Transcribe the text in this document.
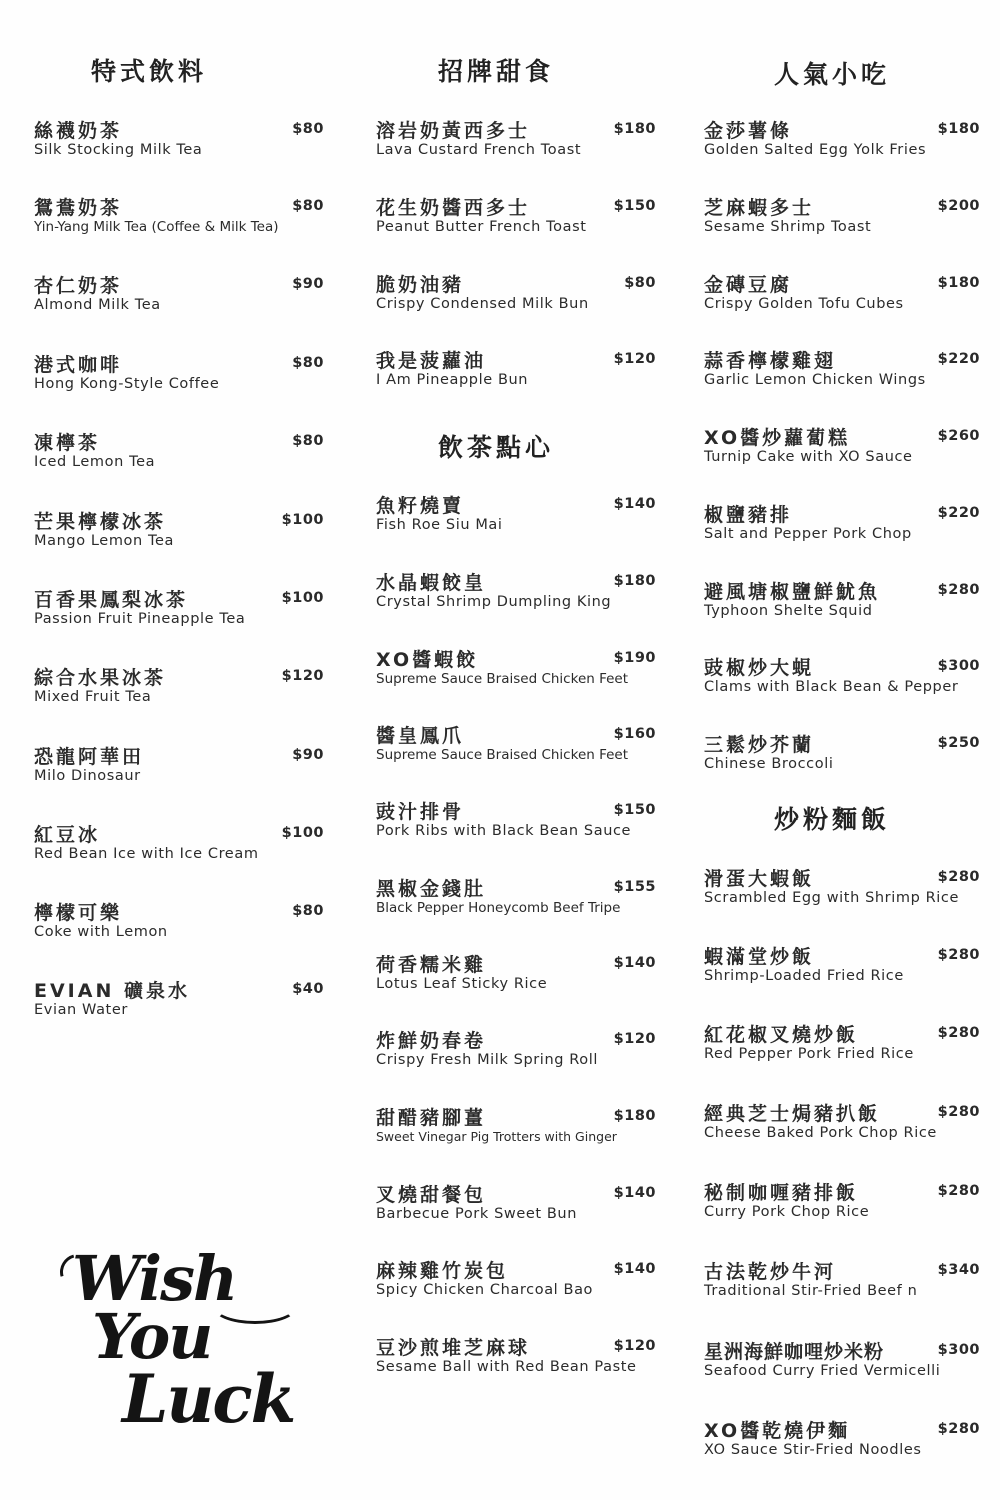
特式飲料
絲襪奶茶	$80
Silk Stocking Milk Tea
鴛鴦奶茶	$80
Yin-Yang Milk Tea (Coffee & Milk Tea)
杏仁奶茶	$90
Almond Milk Tea
港式咖啡	$80
Hong Kong-Style Coffee
凍檸茶	$80
Iced Lemon Tea
芒果檸檬冰茶	$100
Mango Lemon Tea
百香果鳳梨冰茶	$100
Passion Fruit Pineapple Tea
綜合水果冰茶	$120
Mixed Fruit Tea
恐龍阿華田	$90
Milo Dinosaur
紅豆冰	$100
Red Bean Ice with Ice Cream
檸檬可樂	$80
Coke with Lemon
EVIAN 礦泉水	$40
Evian Water
Wish
You
Luck
招牌甜食
溶岩奶黃西多士	$180
Lava Custard French Toast
花生奶醬西多士	$150
Peanut Butter French Toast
脆奶油豬	$80
Crispy Condensed Milk Bun
我是菠蘿油	$120
I Am Pineapple Bun
飲茶點心
魚籽燒賣	$140
Fish Roe Siu Mai
水晶蝦餃皇	$180
Crystal Shrimp Dumpling King
XO醬蝦餃	$190
Supreme Sauce Braised Chicken Feet
醬皇鳳爪	$160
Supreme Sauce Braised Chicken Feet
豉汁排骨	$150
Pork Ribs with Black Bean Sauce
黑椒金錢肚	$155
Black Pepper Honeycomb Beef Tripe
荷香糯米雞	$140
Lotus Leaf Sticky Rice
炸鮮奶春卷	$120
Crispy Fresh Milk Spring Roll
甜醋豬腳薑	$180
Sweet Vinegar Pig Trotters with Ginger
叉燒甜餐包	$140
Barbecue Pork Sweet Bun
麻辣雞竹炭包	$140
Spicy Chicken Charcoal Bao
豆沙煎堆芝麻球	$120
Sesame Ball with Red Bean Paste
人氣小吃
金莎薯條	$180
Golden Salted Egg Yolk Fries
芝麻蝦多士	$200
Sesame Shrimp Toast
金磚豆腐	$180
Crispy Golden Tofu Cubes
蒜香檸檬雞翅	$220
Garlic Lemon Chicken Wings
XO醬炒蘿蔔糕	$260
Turnip Cake with XO Sauce
椒鹽豬排	$220
Salt and Pepper Pork Chop
避風塘椒鹽鮮魷魚	$280
Typhoon Shelte Squid
豉椒炒大蜆	$300
Clams with Black Bean & Pepper
三鬆炒芥蘭	$250
Chinese Broccoli
炒粉麵飯
滑蛋大蝦飯	$280
Scrambled Egg with Shrimp Rice
蝦滿堂炒飯	$280
Shrimp-Loaded Fried Rice
紅花椒叉燒炒飯	$280
Red Pepper Pork Fried Rice
經典芝士焗豬扒飯	$280
Cheese Baked Pork Chop Rice
秘制咖喱豬排飯	$280
Curry Pork Chop Rice
古法乾炒牛河	$340
Traditional Stir-Fried Beef n
星洲海鮮咖哩炒米粉	$300
Seafood Curry Fried Vermicelli
XO醬乾燒伊麵	$280
XO Sauce Stir-Fried Noodles
